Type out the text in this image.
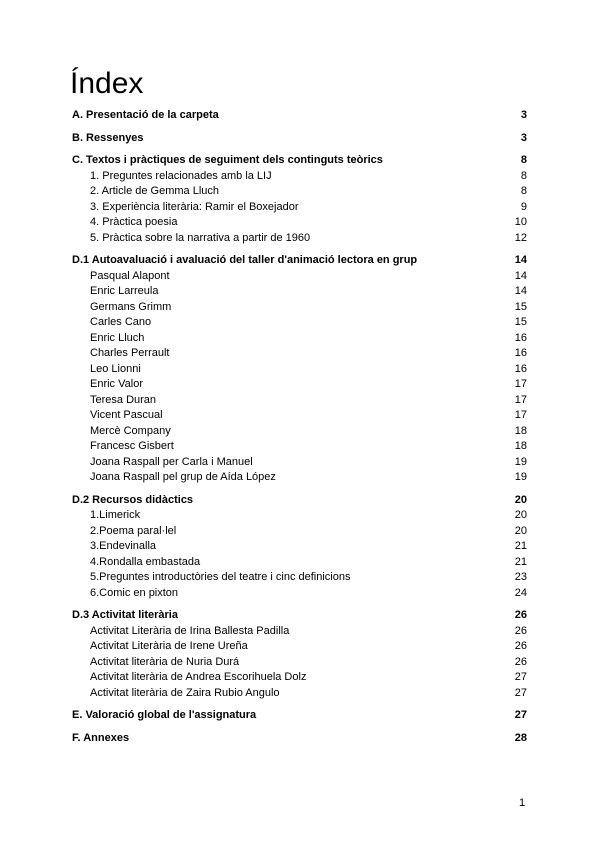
Índex
A. Presentació de la carpeta	3
B. Ressenyes	3
C. Textos i pràctiques de seguiment dels continguts teòrics	8
1. Preguntes relacionades amb la LIJ	8
2. Article de Gemma Lluch	8
3. Experiència literària: Ramir el Boxejador	9
4. Pràctica poesia	10
5. Pràctica sobre la narrativa a partir de 1960	12
D.1 Autoavaluació i avaluació del taller d'animació lectora en grup	14
Pasqual Alapont	14
Enric Larreula	14
Germans Grimm	15
Carles Cano	15
Enric Lluch	16
Charles Perrault	16
Leo Lionni	16
Enric Valor	17
Teresa Duran	17
Vicent Pascual	17
Mercè Company	18
Francesc Gisbert	18
Joana Raspall per Carla i Manuel	19
Joana Raspall pel grup de Aída López	19
D.2 Recursos didàctics	20
1.Limerick	20
2.Poema paral·lel	20
3.Endevinalla	21
4.Rondalla embastada	21
5.Preguntes introductòries del teatre i cinc definicions	23
6.Comic en pixton	24
D.3 Activitat literària	26
Activitat Literària de Irina Ballesta Padilla	26
Activitat Literària de Irene Ureña	26
Activitat literària de Nuria Durá	26
Activitat literària de Andrea Escorihuela Dolz	27
Activitat literària de Zaira Rubio Angulo	27
E. Valoració global de l'assignatura	27
F. Annexes	28
1
